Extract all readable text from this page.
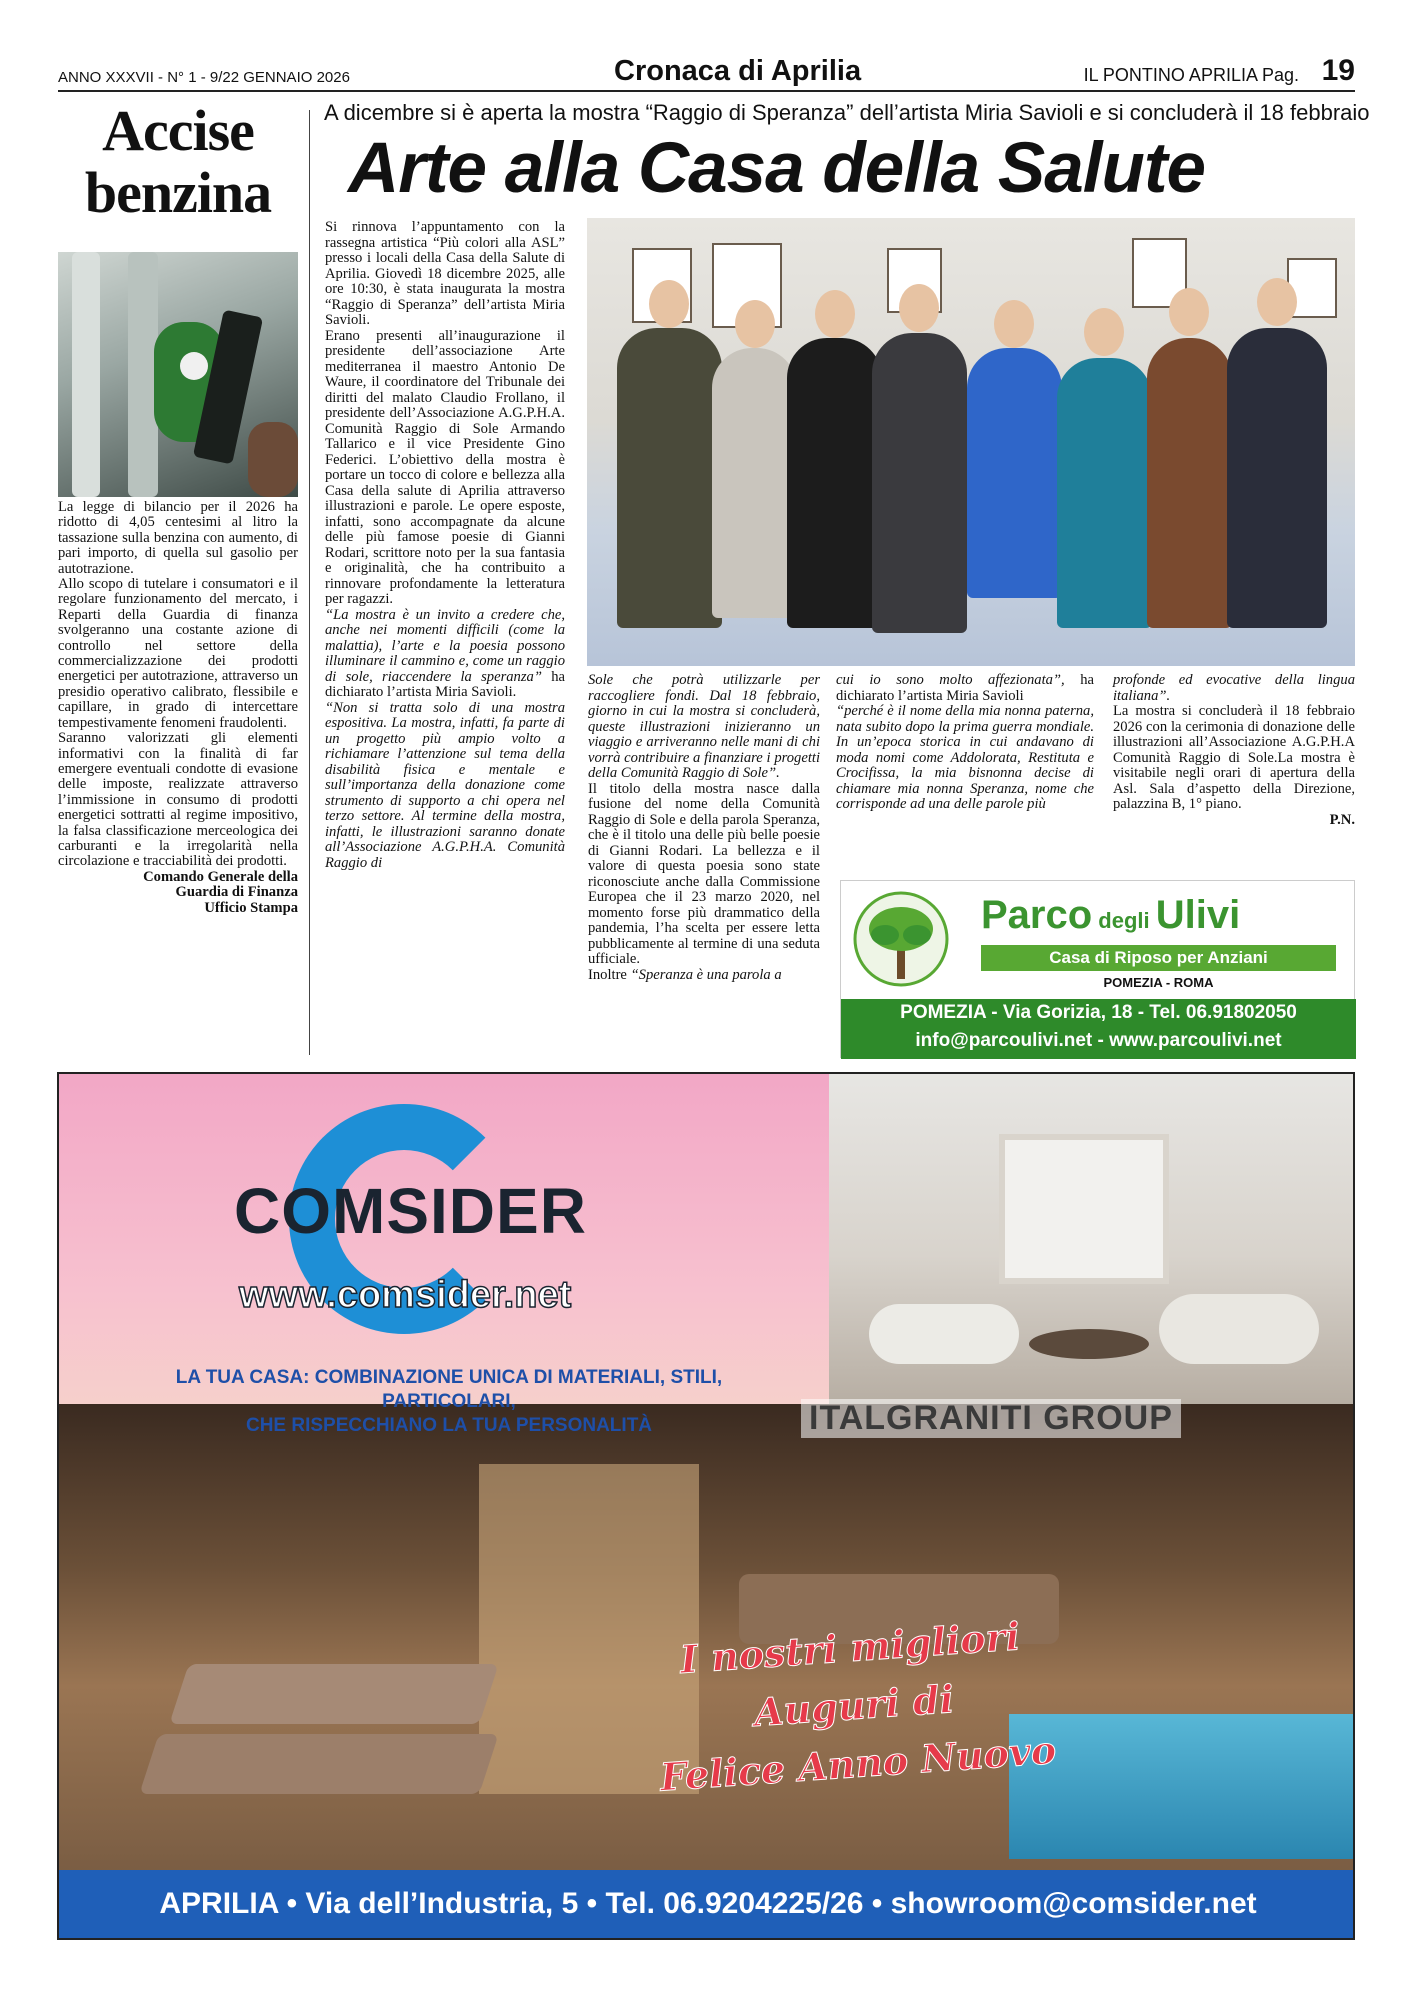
ANNO XXXVII - N° 1 - 9/22 GENNAIO 2026	Cronaca di Aprilia	IL PONTINO APRILIA Pag. 19
Accise
benzina

La legge di bilancio per il 2026 ha ridotto di 4,05 centesimi al litro la tassazione sulla benzina con aumento, di pari importo, di quella sul gasolio per autotrazione.

Allo scopo di tutelare i consumatori e il regolare funzionamento del mercato, i Reparti della Guardia di finanza svolgeranno una costante azione di controllo nel settore della commercializzazione dei prodotti energetici per autotrazione, attraverso un presidio operativo calibrato, flessibile e capillare, in grado di intercettare tempestivamente fenomeni fraudolenti.

Saranno valorizzati gli elementi informativi con la finalità di far emergere eventuali condotte di evasione delle imposte, realizzate attraverso l’immissione in consumo di prodotti energetici sottratti al regime impositivo, la falsa classificazione merceologica dei carburanti e la irregolarità nella circolazione e tracciabilità dei prodotti.

Comando Generale della
Guardia di Finanza
Ufficio Stampa
A dicembre si è aperta la mostra “Raggio di Speranza” dell’artista Miria Savioli e si concluderà il 18 febbraio
Arte alla Casa della Salute

Si rinnova l’appuntamento con la rassegna artistica “Più colori alla ASL” presso i locali della Casa della Salute di Aprilia. Giovedì 18 dicembre 2025, alle ore 10:30, è stata inaugurata la mostra “Raggio di Speranza” dell’artista Miria Savioli.

Erano presenti all’inaugurazione il presidente dell’associazione Arte mediterranea il maestro Antonio De Waure, il coordinatore del Tribunale dei diritti del malato Claudio Frollano, il presidente dell’Associazione A.G.P.H.A. Comunità Raggio di Sole Armando Tallarico e il vice Presidente Gino Federici. L’obiettivo della mostra è portare un tocco di colore e bellezza alla Casa della salute di Aprilia attraverso illustrazioni e parole. Le opere esposte, infatti, sono accompagnate da alcune delle più famose poesie di Gianni Rodari, scrittore noto per la sua fantasia e originalità, che ha contribuito a rinnovare profondamente la letteratura per ragazzi.

“La mostra è un invito a credere che, anche nei momenti difficili (come la malattia), l’arte e la poesia possono illuminare il cammino e, come un raggio di sole, riaccendere la speranza” ha dichiarato l’artista Miria Savioli.

“Non si tratta solo di una mostra espositiva. La mostra, infatti, fa parte di un progetto più ampio volto a richiamare l’attenzione sul tema della disabilità fisica e mentale e sull’importanza della donazione come strumento di supporto a chi opera nel terzo settore. Al termine della mostra, infatti, le illustrazioni saranno donate all’Associazione A.G.P.H.A. Comunità Raggio di

Sole che potrà utilizzarle per raccogliere fondi. Dal 18 febbraio, giorno in cui la mostra si concluderà, queste illustrazioni inizieranno un viaggio e arriveranno nelle mani di chi vorrà contribuire a finanziare i progetti della Comunità Raggio di Sole”.

Il titolo della mostra nasce dalla fusione del nome della Comunità Raggio di Sole e della parola Speranza, che è il titolo una delle più belle poesie di Gianni Rodari. La bellezza e il valore di questa poesia sono state riconosciute anche dalla Commissione Europea che il 23 marzo 2020, nel momento forse più drammatico della pandemia, l’ha scelta per essere letta pubblicamente al termine di una seduta ufficiale.

Inoltre “Speranza è una parola a

cui io sono molto affezionata”, ha dichiarato l’artista Miria Savioli

“perché è il nome della mia nonna paterna, nata subito dopo la prima guerra mondiale. In un’epoca storica in cui andavano di moda nomi come Addolorata, Restituta e Crocifissa, la mia bisnonna decise di chiamare mia nonna Speranza, nome che corrisponde ad una delle parole più

profonde ed evocative della lingua italiana”.

La mostra si concluderà il 18 febbraio 2026 con la cerimonia di donazione delle illustrazioni all’Associazione A.G.P.H.A Comunità Raggio di Sole.La mostra è visitabile negli orari di apertura della Asl. Sala d’aspetto della Direzione, palazzina B, 1° piano.

P.N.

Parco degli Ulivi
Casa di Riposo per Anziani
POMEZIA - ROMA
POMEZIA - Via Gorizia, 18 - Tel. 06.91802050
info@parcoulivi.net - www.parcoulivi.net
COMSIDER
www.comsider.net
LA TUA CASA: COMBINAZIONE UNICA DI MATERIALI, STILI, PARTICOLARI,
CHE RISPECCHIANO LA TUA PERSONALITÀ	ITALGRANITI GROUP
I nostri migliori
Auguri di
Felice Anno Nuovo
APRILIA • Via dell’Industria, 5 • Tel. 06.9204225/26 • showroom@comsider.net
